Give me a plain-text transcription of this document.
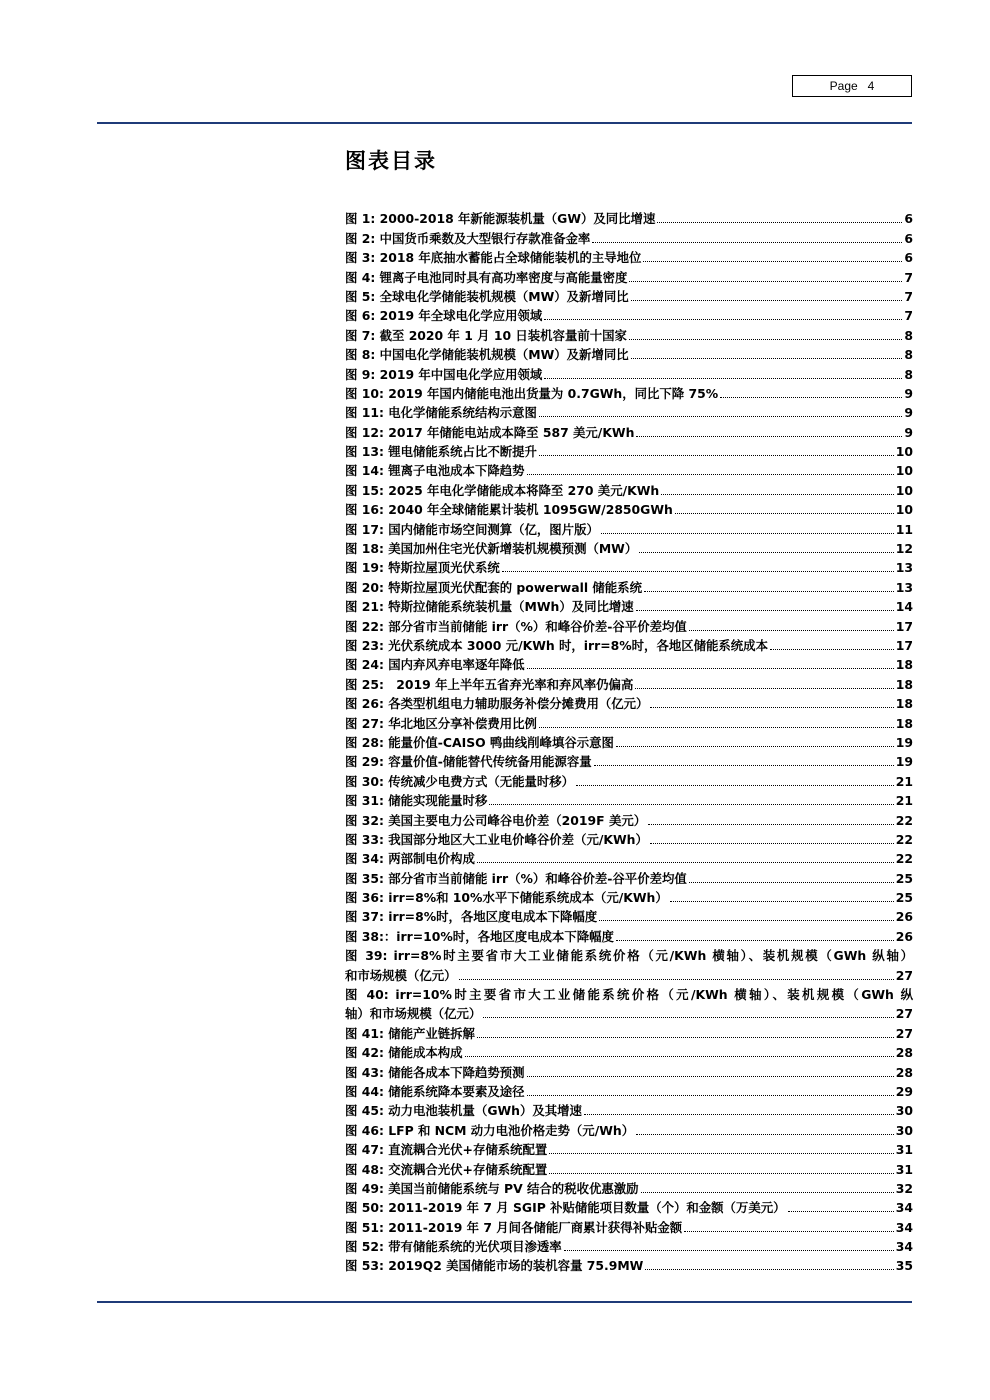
Page 4
图表目录
图 1: 2000-2018 年新能源装机量（GW）及同比增速	6
图 2: 中国货币乘数及大型银行存款准备金率	6
图 3: 2018 年底抽水蓄能占全球储能装机的主导地位	6
图 4: 锂离子电池同时具有高功率密度与高能量密度	7
图 5: 全球电化学储能装机规模（MW）及新增同比	7
图 6: 2019 年全球电化学应用领域	7
图 7: 截至 2020 年 1 月 10 日装机容量前十国家	8
图 8: 中国电化学储能装机规模（MW）及新增同比	8
图 9: 2019 年中国电化学应用领域	8
图 10: 2019 年国内储能电池出货量为 0.7GWh，同比下降 75%	9
图 11: 电化学储能系统结构示意图	9
图 12: 2017 年储能电站成本降至 587 美元/KWh	9
图 13: 锂电储能系统占比不断提升	10
图 14: 锂离子电池成本下降趋势	10
图 15: 2025 年电化学储能成本将降至 270 美元/KWh	10
图 16: 2040 年全球储能累计装机 1095GW/2850GWh	10
图 17: 国内储能市场空间测算（亿，图片版）	11
图 18: 美国加州住宅光伏新增装机规模预测（MW）	12
图 19: 特斯拉屋顶光伏系统	13
图 20: 特斯拉屋顶光伏配套的 powerwall 储能系统	13
图 21: 特斯拉储能系统装机量（MWh）及同比增速	14
图 22: 部分省市当前储能 irr（%）和峰谷价差-谷平价差均值	17
图 23: 光伏系统成本 3000 元/KWh 时，irr=8%时，各地区储能系统成本	17
图 24: 国内弃风弃电率逐年降低	18
图 25:　2019 年上半年五省弃光率和弃风率仍偏高	18
图 26: 各类型机组电力辅助服务补偿分摊费用（亿元）	18
图 27: 华北地区分享补偿费用比例	18
图 28: 能量价值-CAISO 鸭曲线削峰填谷示意图	19
图 29: 容量价值-储能替代传统备用能源容量	19
图 30: 传统减少电费方式（无能量时移）	21
图 31: 储能实现能量时移	21
图 32: 美国主要电力公司峰谷电价差（2019F 美元）	22
图 33: 我国部分地区大工业电价峰谷价差（元/KWh）	22
图 34: 两部制电价构成	22
图 35: 部分省市当前储能 irr（%）和峰谷价差-谷平价差均值	25
图 36: irr=8%和 10%水平下储能系统成本（元/KWh）	25
图 37: irr=8%时，各地区度电成本下降幅度	26
图 38:：irr=10%时，各地区度电成本下降幅度	26
图 39: irr=8%时主要省市大工业储能系统价格（元/KWh 横轴）、装机规模（GWh 纵轴）
和市场规模（亿元）	27
图 40: irr=10%时主要省市大工业储能系统价格（元/KWh 横轴）、装机规模（GWh 纵
轴）和市场规模（亿元）	27
图 41: 储能产业链拆解	27
图 42: 储能成本构成	28
图 43: 储能各成本下降趋势预测	28
图 44: 储能系统降本要素及途径	29
图 45: 动力电池装机量（GWh）及其增速	30
图 46: LFP 和 NCM 动力电池价格走势（元/Wh）	30
图 47: 直流耦合光伏+存储系统配置	31
图 48: 交流耦合光伏+存储系统配置	31
图 49: 美国当前储能系统与 PV 结合的税收优惠激励	32
图 50: 2011-2019 年 7 月 SGIP 补贴储能项目数量（个）和金额（万美元）	34
图 51: 2011-2019 年 7 月间各储能厂商累计获得补贴金额	34
图 52: 带有储能系统的光伏项目渗透率	34
图 53: 2019Q2 美国储能市场的装机容量 75.9MW	35
